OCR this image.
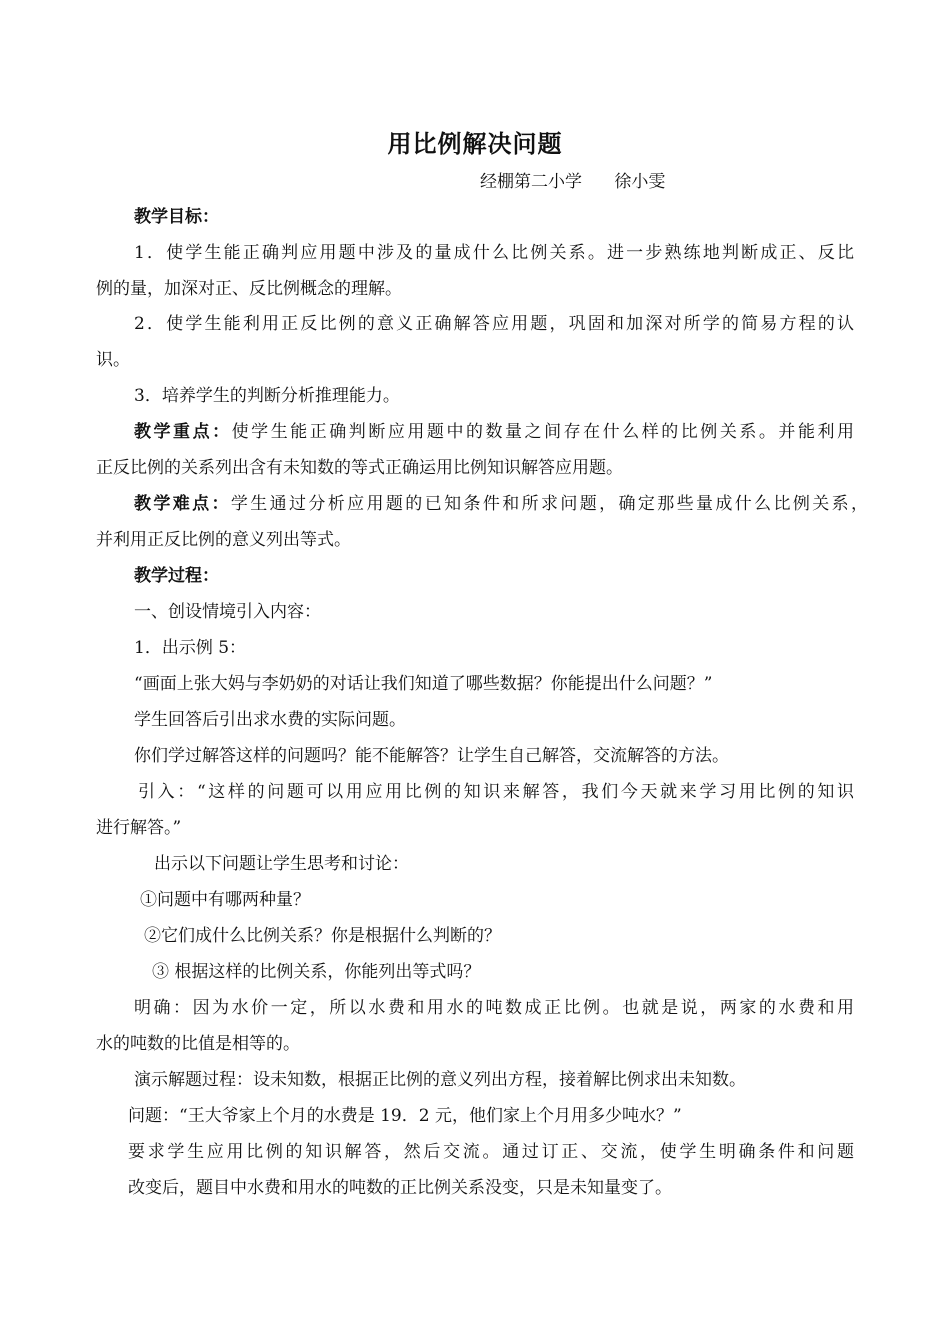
用比例解决问题
经棚第二小学      徐小雯
教学目标：
1．使学生能正确判应用题中涉及的量成什么比例关系。进一步熟练地判断成正、反比
例的量，加深对正、反比例概念的理解。
2．使学生能利用正反比例的意义正确解答应用题，巩固和加深对所学的简易方程的认
识。
3．培养学生的判断分析推理能力。
教学重点：使学生能正确判断应用题中的数量之间存在什么样的比例关系。并能利用
正反比例的关系列出含有未知数的等式正确运用比例知识解答应用题。
教学难点：学生通过分析应用题的已知条件和所求问题，确定那些量成什么比例关系，
并利用正反比例的意义列出等式。
教学过程：
一、创设情境引入内容：
1．出示例 5：
“画面上张大妈与李奶奶的对话让我们知道了哪些数据？你能提出什么问题？”
学生回答后引出求水费的实际问题。
你们学过解答这样的问题吗？能不能解答？让学生自己解答，交流解答的方法。
引入：“这样的问题可以用应用比例的知识来解答，我们今天就来学习用比例的知识
进行解答。”
出示以下问题让学生思考和讨论：
①问题中有哪两种量？
②它们成什么比例关系？你是根据什么判断的？
③ 根据这样的比例关系，你能列出等式吗？
明确：因为水价一定，所以水费和用水的吨数成正比例。也就是说，两家的水费和用
水的吨数的比值是相等的。
演示解题过程：设未知数，根据正比例的意义列出方程，接着解比例求出未知数。
问题：“王大爷家上个月的水费是 19．2 元，他们家上个月用多少吨水？”
要求学生应用比例的知识解答，然后交流。通过订正、交流，使学生明确条件和问题
改变后，题目中水费和用水的吨数的正比例关系没变，只是未知量变了。
